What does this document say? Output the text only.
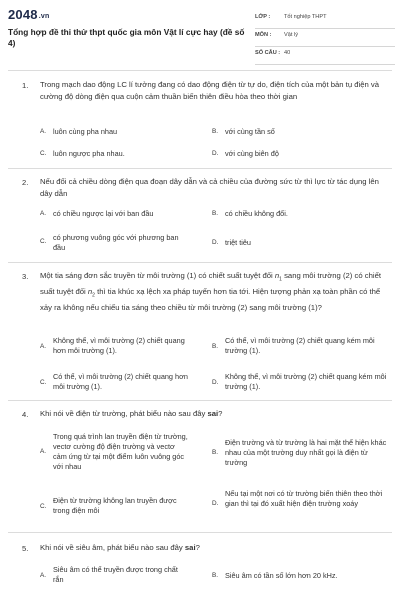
2048.vn
Tổng hợp đề thi thử thpt quốc gia môn Vật lí cực hay (đề số 4)
LỚP : Tốt nghiệp THPT
MÔN : Vật lý
SỐ CÂU : 40
1. Trong mạch dao động LC lí tưởng đang có dao động điện từ tự do, điện tích của một bản tụ điện và cường độ dòng điện qua cuộn cảm thuần biến thiên điều hòa theo thời gian
A. luôn cùng pha nhau	B. với cùng tần số
C. luôn ngược pha nhau.	D. với cùng biên độ
2. Nếu đổi cả chiều dòng điện qua đoạn dây dẫn và cả chiều của đường sức từ thì lực từ tác dụng lên dây dẫn
A. có chiều ngược lại với ban đầu	B. có chiều không đổi.
C. có phương vuông góc với phương ban đầu
D. triệt tiêu
3. Một tia sáng đơn sắc truyền từ môi trường (1) có chiết suất tuyệt đối $n_1$ sang môi trường (2) có chiết suất tuyệt đối $n_2$ thì tia khúc xạ lệch xa pháp tuyến hơn tia tới. Hiện tượng phản xạ toàn phần có thể xảy ra không nếu chiếu tia sáng theo chiều từ môi trường (2) sang môi trường (1)?
A.
Không thể, vì môi trường (2) chiết quang hơn môi trường (1).	B.
Có thể, vì môi trường (2) chiết quang kém môi trường (1).
C.
Có thể, vì môi trường (2) chiết quang hơn môi trường (1).	D.
Không thể, vì môi trường (2) chiết quang kém môi trường (1).
4. Khi nói về điện từ trường, phát biểu nào sau đây sai?
A.
Trong quá trình lan truyền điện từ trường, vectơ cường độ điện trường và vectơ cảm ứng từ tại một điểm luôn vuông góc với nhau
B.
Điện trường và từ trường là hai mặt thể hiện khác nhau của một trường duy nhất gọi là điện từ trường
C.
Điện từ trường không lan truyền được trong điện môi
D.
Nếu tại một nơi có từ trường biến thiên theo thời gian thì tại đó xuất hiện điện trường xoáy
5. Khi nói về siêu âm, phát biểu nào sau đây sai?
A.
Siêu âm có thể truyền được trong chất rắn	B. Siêu âm có tần số lớn hơn 20 kHz.
